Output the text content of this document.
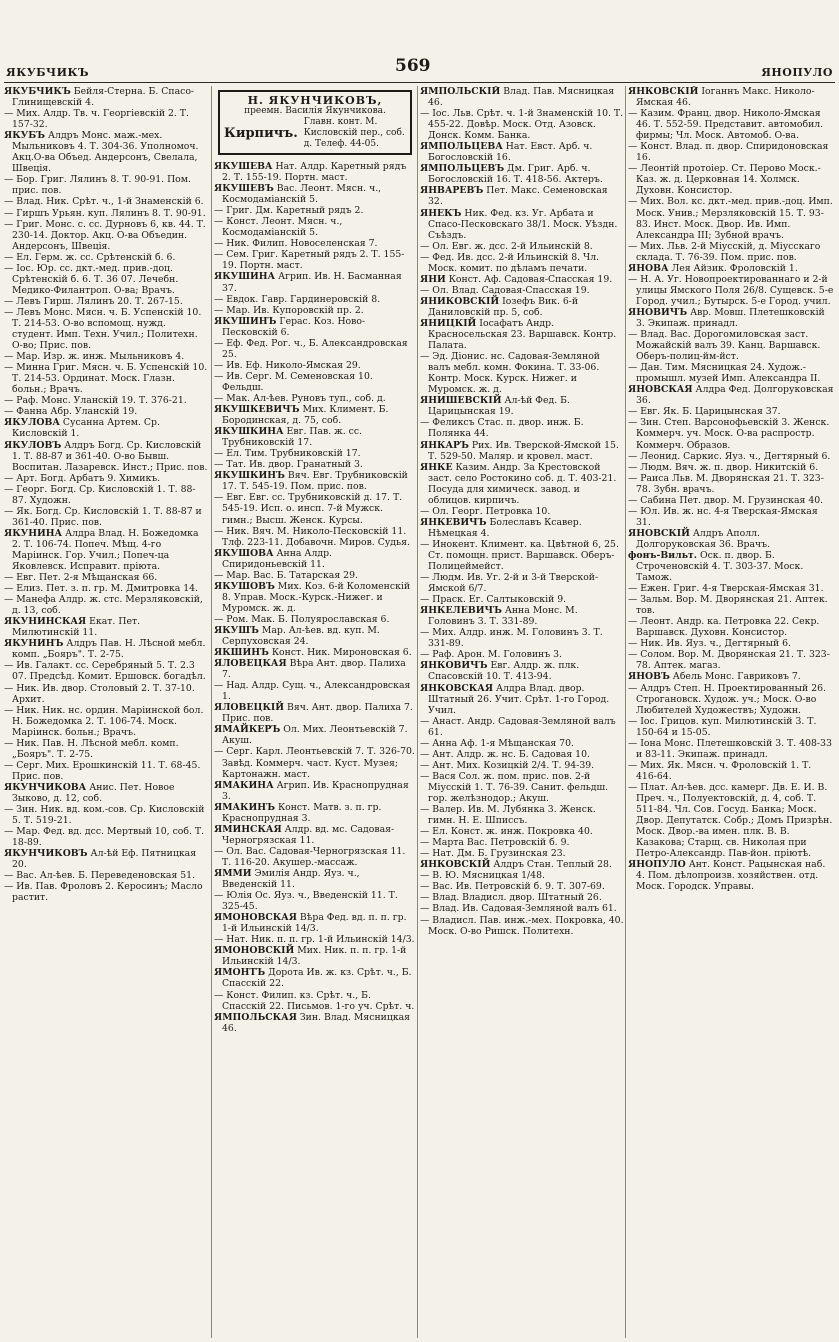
ЯКУБЧИКЪ	569	ЯНОПУЛО

ЯКУБЧИКЪ Бейля-Стерна. Б. Спасо-Глинищевскій 4.

— Мих. Алдр. Тв. ч. Георгіевскій 2. Т. 157-32.

ЯКУБЪ Алдръ Монс. маж.-мех. Мыльниковъ 4. Т. 304-36. Уполномоч. Акц.О-ва Объед. Андерсонъ, Свелала, Швеція.

— Бор. Григ. Лялинъ 8. Т. 90-91. Пом. прис. пов.

— Влад. Ник. Срѣт. ч., 1-й Знаменскій 6.

— Гиршъ Урьян. куп. Лялинъ 8. Т. 90-91.

— Григ. Монс. с. сс. Дурновъ 6, кв. 44. Т. 230-14. Доктор. Акц. О-ва Объедин. Андерсонъ, Швеція.

— Ел. Герм. ж. сс. Срѣтенскій б. 6.

— Іос. Юр. сс. дкт.-мед. прив.-доц. Срѣтенскій б. 6. Т. 36 07. Лечебн. Медико-Филантроп. О-ва; Врачъ.

— Левъ Гирш. Лялинъ 20. Т. 267-15.

— Левъ Монс. Мясн. ч. Б. Успенскій 10. Т. 214-53. О-во вспомощ. нужд. студент. Имп. Техн. Учил.; Политехн. О-во; Прис. пов.

— Мар. Изр. ж. инж. Мыльниковъ 4.

— Минна Григ. Мясн. ч. Б. Успенскій 10. Т. 214-53. Ординат. Моск. Глазн. больн.; Врачъ.

— Раф. Монс. Уланскій 19. Т. 376-21.

— Фанна Абр. Уланскій 19.

ЯКУЛОВА Сусанна Артем. Ср. Кисловскій 1.

ЯКУЛОВЪ Алдръ Богд. Ср. Кисловскій 1. Т. 88-87 и 361-40. О-во Бывш. Воспитан. Лазаревск. Инст.; Прис. пов.

— Арт. Богд. Арбатъ 9. Химикъ.

— Георг. Богд. Ср. Кисловскій 1. Т. 88-87. Художн.

— Як. Богд. Ср. Кисловскій 1. Т. 88-87 и 361-40. Прис. пов.

ЯКУНИНА Алдра Влад. Н. Божедомка 2. Т. 106-74. Попеч. Мѣщ. 4-го Маріинск. Гор. Учил.; Попеч-ца Яковлевск. Исправит. пріюта.

— Евг. Пет. 2-я Мѣщанская 66.

— Елиз. Пет. з. п. гр. М. Дмитровка 14.

— Манефа Алдр. ж. стс. Мерзляковскій, д. 13, соб.

ЯКУНИНСКАЯ Екат. Пет. Милютинскій 11.

ЯКУНИНЪ Алдръ Пав. Н. Лѣсной мебл. комп. „Бояръ". Т. 2-75.

— Ив. Галакт. сс. Серебряный 5. Т. 2.3 07. Предсѣд. Комит. Ершовск. богадѣл.

— Ник. Ив. двор. Столовый 2. Т. 37-10. Архит.

— Ник. Ник. нс. ордин. Маріинской бол. Н. Божедомка 2. Т. 106-74. Моск. Маріинск. больн.; Врачъ.

— Ник. Пав. Н. Лѣсной мебл. комп. „Бояръ". Т. 2-75.

— Серг. Мих. Ерошкинскій 11. Т. 68-45. Прис. пов.

ЯКУНЧИКОВА Анис. Пет. Новое Зыково, д. 12, соб.

— Зин. Ник. вд. ком.-сов. Ср. Кисловскій 5. Т. 519-21.

— Мар. Фед. вд. дсс. Мертвый 10, соб. Т. 18-89.

ЯКУНЧИКОВЪ Ал-ѣй Еф. Пятницкая 20.

— Вас. Ал-ѣев. Б. Переведеновская 51.

— Ив. Пав. Фроловъ 2. Керосинъ; Масло растит.

Н. ЯКУНЧИКОВЪ,
преемн. Василія Якунчикова.
Кирпичъ.
Главн. конт. М. Кисловскій пер., соб. д. Телеф. 44-05.

ЯКУШЕВА Нат. Алдр. Каретный рядъ 2. Т. 155-19. Портн. маст.

ЯКУШЕВЪ Вас. Леонт. Мясн. ч., Космодаміанскій 5.

— Григ. Дм. Каретный рядъ 2.

— Конст. Леонт. Мясн. ч., Космодаміанскій 5.

— Ник. Филип. Новоселенская 7.

— Сем. Григ. Каретный рядъ 2. Т. 155-19. Портн. маст.

ЯКУШИНА Агрип. Ив. Н. Басманная 37.

— Евдок. Гавр. Гардинеровскій 8.

— Мар. Ив. Купоровскій пр. 2.

ЯКУШИНЪ Герас. Коз. Ново-Песковскій 6.

— Еф. Фед. Рог. ч., Б. Александровская 25.

— Ив. Еф. Николо-Ямская 29.

— Ив. Серг. М. Семеновская 10. Фельдш.

— Мак. Ал-ѣев. Руновъ туп., соб. д.

ЯКУШКЕВИЧЪ Мих. Климент. Б. Бородинская, д. 75, соб.

ЯКУШКИНА Евг. Пав. ж. сс. Трубниковскій 17.

— Ел. Тим. Трубниковскій 17.

— Тат. Ив. двор. Гранатный 3.

ЯКУШКИНЪ Вяч. Евг. Трубниковскій 17. Т. 545-19. Пом. прис. пов.

— Евг. Евг. сс. Трубниковскій д. 17. Т. 545-19. Исп. о. инсп. 7-й Мужск. гимн.; Высш. Женск. Курсы.

— Ник. Вяч. М. Николо-Песковскій 11. Тлф. 223-11. Добавочн. Миров. Судья.

ЯКУШОВА Анна Алдр. Спиридоньевскій 11.

— Мар. Вас. Б. Татарская 29.

ЯКУШОВЪ Мих. Коз. 6-й Коломенскій 8. Управ. Моск.-Курск.-Нижег. и Муромск. ж. д.

— Ром. Мак. Б. Полуярославская 6.

ЯКУШЪ Мар. Ал-ѣев. вд. куп. М. Серпуховская 24.

ЯКШИНЪ Конст. Ник. Мироновская 6.

ЯЛОВЕЦКАЯ Вѣра Ант. двор. Палиха 7.

— Над. Алдр. Сущ. ч., Александровская 1.

ЯЛОВЕЦКІЙ Вяч. Ант. двор. Палиха 7. Прис. пов.

ЯМАЙКЕРЪ Ол. Мих. Леонтьевскій 7. Акуш.

— Серг. Карл. Леонтьевскій 7. Т. 326-70. Завѣд. Коммерч. част. Куст. Музея; Картонажн. маст.

ЯМАКИНА Агрип. Ив. Краснопрудная 3.

ЯМАКИНЪ Конст. Матв. з. п. гр. Краснопрудная 3.

ЯМИНСКАЯ Алдр. вд. мс. Садовая-Черногрязская 11.

— Ол. Вас. Садовая-Черногрязская 11. Т. 116-20. Акушер.-массаж.

ЯММИ Эмилія Андр. Яуз. ч., Введенскій 11.

— Юлія Ос. Яуз. ч., Введенскій 11. Т. 325-45.

ЯМОНОВСКАЯ Вѣра Фед. вд. п. п. гр. 1-й Ильинскій 14/3.

— Нат. Ник. п. п. гр. 1-й Ильинскій 14/3.

ЯМОНОВСКІЙ Мих. Ник. п. п. гр. 1-й Ильинскій 14/3.

ЯМОНТЪ Дорота Ив. ж. кз. Срѣт. ч., Б. Спасскій 22.

— Конст. Филип. кз. Срѣт. ч., Б. Спасскій 22. Письмов. 1-го уч. Срѣт. ч.

ЯМПОЛЬСКАЯ Зин. Влад. Мясницкая 46.

ЯМПОЛЬСКІЙ Влад. Пав. Мясницкая 46.

— Іос. Льв. Срѣт. ч. 1-й Знаменскій 10. Т. 455-22. Довѣр. Моск. Отд. Азовск. Донск. Комм. Банка.

ЯМПОЛЬЦЕВА Нат. Евст. Арб. ч. Богословскій 16.

ЯМПОЛЬЦЕВЪ Дм. Григ. Арб. ч. Богословскій 16. Т. 418-56. Актеръ.

ЯНВАРЕВЪ Пет. Макс. Семеновская 32.

ЯНЕКЪ Ник. Фед. кз. Уг. Арбата и Спасо-Песковскаго 38/1. Моск. Уѣздн. Съѣздъ.

— Ол. Евг. ж. дсс. 2-й Ильинскій 8.

— Фед. Ив. дсс. 2-й Ильинскій 8. Чл. Моск. комит. по дѣламъ печати.

ЯНИ Конст. Аф. Садовая-Спасская 19.

— Ол. Влад. Садовая-Спасская 19.

ЯНИКОВСКІЙ Іозефъ Вик. 6-й Даниловскій пр. 5, соб.

ЯНИЦКІЙ Іосафатъ Андр. Красносельская 23. Варшавск. Контр. Палата.

— Эд. Діонис. нс. Садовая-Земляной валъ мебл. комн. Фокина. Т. 33-06. Контр. Моск. Курск. Нижег. и Муромск. ж. д.

ЯНИШЕВСКІЙ Ал-ѣй Фед. Б. Царицынская 19.

— Феликсъ Стас. п. двор. инж. Б. Полянка 44.

ЯНКАРЪ Рих. Ив. Тверской-Ямской 15. Т. 529-50. Маляр. и кровел. маст.

ЯНКЕ Казим. Андр. За Крестовской заст. село Ростокино соб. д. Т. 403-21. Посуда для химическ. завод. и облицов. кирпичъ.

— Ол. Георг. Петровка 10.

ЯНКЕВИЧЪ Болеславъ Ксавер. Нѣмецкая 4.

— Инокент. Климент. ка. Цвѣтной 6, 25. Ст. помощн. прист. Варшавск. Оберъ-Полицеймейст.

— Людм. Ив. Уг. 2-й и 3-й Тверской-Ямской 6/7.

— Праск. Ег. Салтыковскій 9.

ЯНКЕЛЕВИЧЪ Анна Монс. М. Головинъ 3. Т. 331-89.

— Мих. Алдр. инж. М. Головинъ 3. Т. 331-89.

— Раф. Арон. М. Головинъ 3.

ЯНКОВИЧЪ Евг. Алдр. ж. плк. Спасовскій 10. Т. 413-94.

ЯНКОВСКАЯ Алдра Влад. двор. Штатный 26. Учит. Срѣт. 1-го Город. Учил.

— Анаст. Андр. Садовая-Земляной валъ 61.

— Анна Аф. 1-я Мѣщанская 70.

— Ант. Алдр. ж. нс. Б. Садовая 10.

— Ант. Мих. Козицкій 2/4. Т. 94-39.

— Вася Сол. ж. пом. прис. пов. 2-й Міусскій 1. Т. 76-39. Санит. фельдш. гор. желѣзнодор.; Акуш.

— Валер. Ив. М. Лубянка 3. Женск. гимн. Н. Е. Шписсъ.

— Ел. Конст. ж. инж. Покровка 40.

— Марта Вас. Петровскій б. 9.

— Нат. Дм. Б. Грузинская 23.

ЯНКОВСКІЙ Алдръ Стан. Теплый 28.

— В. Ю. Мясницкая 1/48.

— Вас. Ив. Петровскій б. 9. Т. 307-69.

— Влад. Владисл. двор. Штатный 26.

— Влад. Ив. Садовая-Земляной валъ 61.

— Владисл. Пав. инж.-мех. Покровка, 40. Моск. О-во Ришск. Политехн.

ЯНКОВСКІЙ Іоганнъ Макс. Николо-Ямская 46.

— Казим. Франц. двор. Николо-Ямская 46. Т. 552-59. Представит. автомобил. фирмы; Чл. Моск. Автомоб. О-ва.

— Конст. Влад. п. двор. Спиридоновская 16.

— Леонтій протоіер. Ст. Перово Моск.-Каз. ж. д. Церковная 14. Холмск. Духовн. Консистор.

— Мих. Вол. кс. дкт.-мед. прив.-доц. Имп. Моск. Унив.; Мерзляковскій 15. Т. 93-83. Инст. Моск. Двор. Ив. Имп. Александра III; Зубной врачъ.

— Мих. Льв. 2-й Міусскій, д. Міусскаго склада. Т. 76-39. Пом. прис. пов.

ЯНОВА Лея Айзик. Фроловскій 1.

— Н. А. Уг. Новопроектированнаго и 2-й улицы Ямского Поля 26/8. Сущевск. 5-е Город. учил.; Бутырск. 5-е Город. учил.

ЯНОВИЧЪ Авр. Мовш. Плетешковскій 3. Экипаж. принадл.

— Влад. Вас. Дорогомиловская заст. Можайскій валъ 39. Канц. Варшавск. Оберъ-полиц-йм-йст.

— Дан. Тим. Мясницкая 24. Худож.-промышл. музей Имп. Александра II.

ЯНОВСКАЯ Алдра Фед. Долгоруковская 36.

— Евг. Як. Б. Царицынская 37.

— Зин. Степ. Варсонофьевскій 3. Женск. Коммерч. уч. Моск. О-ва распростр. Коммерч. Образов.

— Леонид. Саркис. Яуз. ч., Дегтярный 6.

— Людм. Вяч. ж. п. двор. Никитскій 6.

— Раиса Льв. М. Дворянская 21. Т. 323-78. Зубн. врачъ.

— Сабина Пет. двор. М. Грузинская 40.

— Юл. Ив. ж. нс. 4-я Тверская-Ямская 31.

ЯНОВСКІЙ Алдръ Аполл. Долгоруковская 36. Врачъ.

фонъ-Вильт. Оск. п. двор. Б. Строченовскій 4. Т. 303-37. Моск. Тамож.

— Ежен. Григ. 4-я Тверская-Ямская 31.

— Зальм. Вор. М. Дворянская 21. Аптек. тов.

— Леонт. Андр. ка. Петровка 22. Секр. Варшавск. Духовн. Консистор.

— Ник. Ив. Яуз. ч., Дегтярный 6.

— Солом. Вор. М. Дворянская 21. Т. 323-78. Аптек. магаз.

ЯНОВЪ Абель Монс. Гавриковъ 7.

— Алдръ Степ. Н. Проектированный 26. Строгановск. Худож. уч.; Моск. О-во Любителей Художествъ; Художн.

— Іос. Грицов. куп. Милютинскій 3. Т. 150-64 и 15-05.

— Іона Монс. Плетешковскій 3. Т. 408-33 и 83-11. Экипаж. принадл.

— Мих. Як. Мясн. ч. Фроловскій 1. Т. 416-64.

— Плат. Ал-ѣев. дсс. камерг. Дв. Е. И. В. Преч. ч., Полуектовскій, д. 4, соб. Т. 511-84. Чл. Сов. Госуд. Банка; Моск. Двор. Депутатск. Собр.; Домъ Призрѣн. Моск. Двор.-ва имен. плк. В. В. Казакова; Старщ. св. Николая при Петро-Александр. Пав-йон. пріютѣ.

ЯНОПУЛО Ант. Конст. Рацынская наб. 4. Пом. дѣлопроизв. хозяйствен. отд. Моск. Городск. Управы.
